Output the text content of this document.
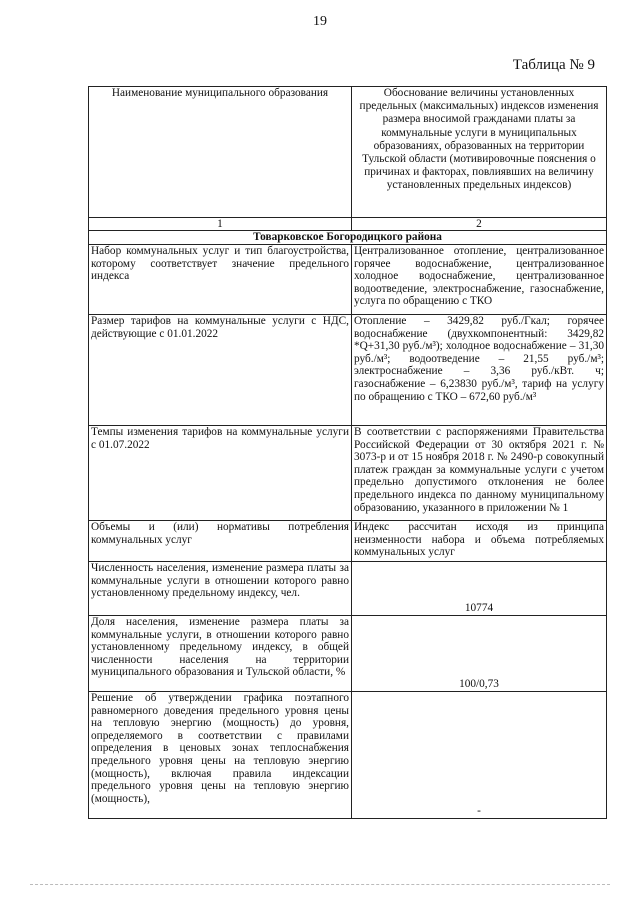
19
Таблица № 9
Наименование муниципального образования	Обоснование величины установленных предельных (максимальных) индексов изменения размера вносимой гражданами платы за коммунальные услуги в муниципальных образованиях, образованных на территории Тульской области (мотивировочные пояснения о причинах и факторах, повлиявших на величину установленных предельных индексов)
1	2
Товарковское Богородицкого района	
Набор коммунальных услуг и тип благоустройства, которому соответствует значение предельного индекса	Централизованное отопление, централизованное горячее водоснабжение, централизованное холодное водоснабжение, централизованное водоотведение, электроснабжение, газоснабжение, услуга по обращению с ТКО
Размер тарифов на коммунальные услуги с НДС, действующие с 01.01.2022	Отопление – 3429,82 руб./Гкал; горячее водоснабжение (двухкомпонентный: 3429,82 *Q+31,30 руб./м³); холодное водоснабжение – 31,30 руб./м³; водоотведение – 21,55 руб./м³; электроснабжение – 3,36 руб./кВт. ч; газоснабжение – 6,23830 руб./м³, тариф на услугу по обращению с ТКО – 672,60 руб./м³
Темпы изменения тарифов на коммунальные услуги с 01.07.2022	В соответствии с распоряжениями Правительства Российской Федерации от 30 октября 2021 г. № 3073-р и от 15 ноября 2018 г. № 2490-р совокупный платеж граждан за коммунальные услуги с учетом предельно допустимого отклонения не более предельного индекса по данному муниципальному образованию, указанного в приложении № 1
Объемы и (или) нормативы потребления коммунальных услуг	Индекс рассчитан исходя из принципа неизменности набора и объема потребляемых коммунальных услуг
Численность населения, изменение размера платы за коммунальные услуги в отношении которого равно установленному предельному индексу, чел.	10774
Доля населения, изменение размера платы за коммунальные услуги, в отношении которого равно установленному предельному индексу, в общей численности населения на территории муниципального образования и Тульской области, %	100/0,73
Решение об утверждении графика поэтапного равномерного доведения предельного уровня цены на тепловую энергию (мощность) до уровня, определяемого в соответствии с правилами определения в ценовых зонах теплоснабжения предельного уровня цены на тепловую энергию (мощность), включая правила индексации предельного уровня цены на тепловую энергию (мощность),	-
